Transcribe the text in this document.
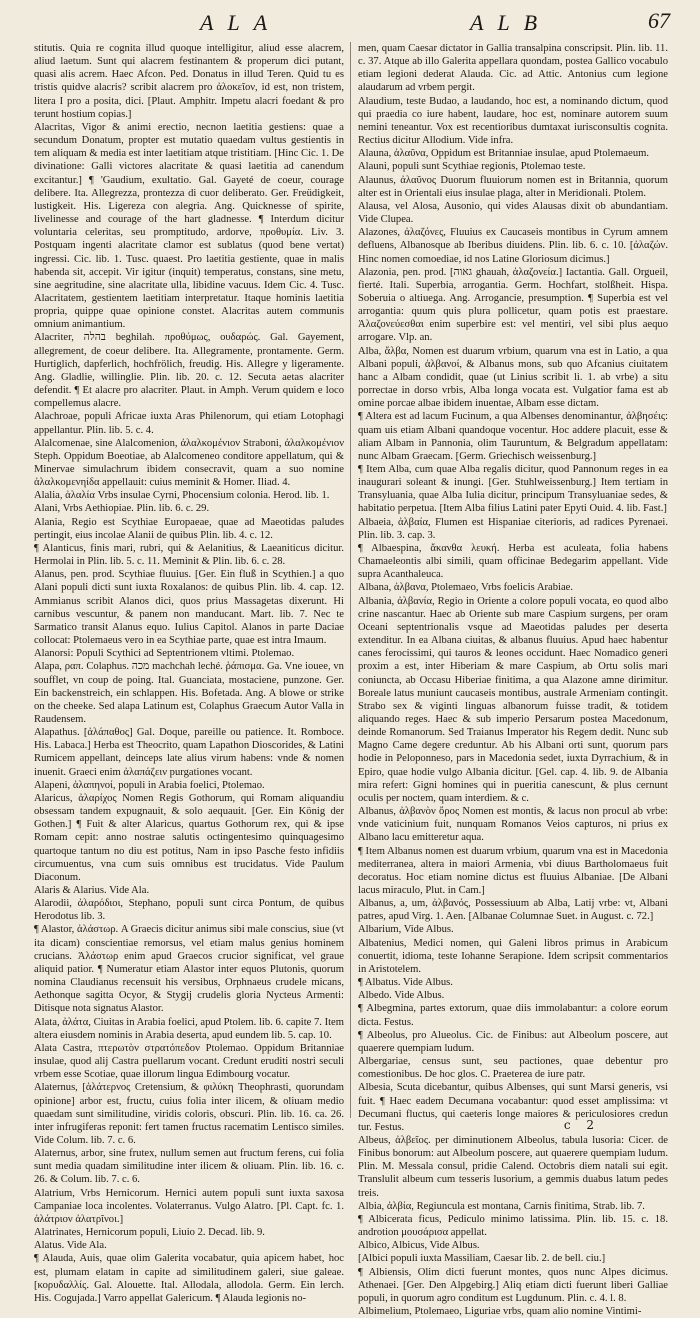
ALA	ALB	67

stitutis. Quia re cognita illud quoque intelligitur, aliud esse alacrem, aliud laetum. Sunt qui alacrem festinantem & properum dici putant, quasi alis acrem. Haec Afcon. Ped. Donatus in illud Teren. Quid tu es tristis quidve alacris? scribit alacrem pro ἀλοκεῖον, id est, non tristem, litera I pro a posita, dici. [Plaut. Amphitr. Impetu alacri foedant & pro terunt hostium copias.]

Alacritas, Vigor & animi erectio, necnon laetitia gestiens: quae a secundum Donatum, propter est mutatio quaedam vultus gestientis in tem aliquam & media est inter laetitiam atque tristitiam. [Hinc Cic. 1. De divinatione: Galli victores alacritate & quasi laetitia ad canendum excitantur.] ¶ 'Gaudium, exultatio. Gal. Gayeté de coeur, courage delibere. Ita. Allegrezza, prontezza di cuor deliberato. Ger. Freüdigkeit, lustigkeit. His. Ligereza con alegria. Ang. Quicknesse of spirite, livelinesse and courage of the hart gladnesse. ¶ Interdum dicitur voluntaria celeritas, seu promptitudo, ardorve, προθυμία. Liv. 3. Postquam ingenti alacritate clamor est sublatus (quod bene vertat) ingressi. Cic. lib. 1. Tusc. quaest. Pro laetitia gestiente, quae in malis habenda sit, accepit. Vir igitur (inquit) temperatus, constans, sine metu, sine aegritudine, sine alacritate ulla, libidine vacuus. Idem Cic. 4. Tusc. Alacritatem, gestientem laetitiam interpretatur. Itaque hominis laetitia propria, quippe quae opinione constet. Alacritas autem communis omnium animantium.

Alacriter, בהלה beghilah. προθύμως, ουδαρώς. Gal. Gayement, allegrement, de coeur delibere. Ita. Allegramente, prontamente. Germ. Hurtiglich, dapferlich, hochfrölich, freudig. His. Allegre y ligeramente. Ang. Gladlie, willinglie. Plin. lib. 20. c. 12. Secuta aetas alacriter defendit. ¶ Et alacre pro alacriter. Plaut. in Amph. Verum quidem e loco compellemus alacre.

Alachroae, populi Africae iuxta Aras Philenorum, qui etiam Lotophagi appellantur. Plin. lib. 5. c. 4.

Alalcomenae, sine Alalcomenion, ἀλαλκομένιον Straboni, ἀλαλκομένιον Steph. Oppidum Boeotiae, ab Alalcomeneo conditore appellatum, qui & Minervae simulachrum ibidem consecravit, quam a suo nomine ἀλαλκομενηίδα appellauit: cuius meminit & Homer. Iliad. 4.

Alalia, ἀλαλία Vrbs insulae Cyrni, Phocensium colonia. Herod. lib. 1.

Alani, Vrbs Aethiopiae. Plin. lib. 6. c. 29.

Alania, Regio est Scythiae Europaeae, quae ad Maeotidas paludes pertingit, eius incolae Alanii de quibus Plin. lib. 4. c. 12.

¶ Alanticus, finis mari, rubri, qui & Aelanitius, & Laeaniticus dicitur. Hermolai in Plin. lib. 5. c. 11. Meminit & Plin. lib. 6. c. 28.

Alanus, pen. prod. Scythiae fluuius. [Ger. Ein fluß in Scythien.] a quo Alani populi dicti sunt iuxta Roxalanos: de quibus Plin. lib. 4. cap. 12. Ammianus scribit Alanos dici, quos prius Massagetas dixerunt. Hi carnibus vescuntur, & panem non manducant. Mart. lib. 7. Nec te Sarmatico transit Alanus equo. Iulius Capitol. Alanos in parte Daciae collocat: Ptolemaeus vero in ea Scythiae parte, quae est intra Imaum.

Alanorsi: Populi Scythici ad Septentrionem vltimi. Ptolemao.

Alapa, ραπ. Colaphus. מכה machchah leché. ῥάπισμα. Ga. Vne iouee, vn soufflet, vn coup de poing. Ital. Guanciata, mostaciene, punzone. Ger. Ein backenstreich, ein schlappen. His. Bofetada. Ang. A blowe or strike on the cheeke. Sed alapa Latinum est, Colaphus Graecum Autor Valla in Raudensem.

Alapathus. [ἀλάπαθος] Gal. Doque, pareille ou patience. It. Romboce. His. Labaca.] Herba est Theocrito, quam Lapathon Dioscorides, & Latini Rumicem appellant, deinceps late alius virum habens: vnde & nomen inuenit. Graeci enim ἀλαπάζειν purgationes vocant.

Alapeni, ἀλαπηνοί, populi in Arabia foelici, Ptolemao.

Alaricus, ἀλαρίχος Nomen Regis Gothorum, qui Romam aliquandiu obsessam tandem expugnauit, & solo aequauit. [Ger. Ein König der Gothen.] ¶ Fuit & alter Alaricus, quartus Gothorum rex, qui & ipse Romam cepit: anno nostrae salutis octingentesimo quinquagesimo quartoque tantum no diu est potitus, Nam in ipso Pasche festo infidiis circumuentus, vna cum suis omnibus est trucidatus. Vide Paulum Diaconum.

Alaris & Alarius. Vide Ala.

Alarodii, ἀλαρόδιοι, Stephano, populi sunt circa Pontum, de quibus Herodotus lib. 3.

¶ Alastor, ἀλάστωρ. A Graecis dicitur animus sibi male conscius, siue (vt ita dicam) conscientiae remorsus, vel etiam malus genius hominem crucians. Ἀλάστωρ enim apud Graecos crucior significat, vel graue aliquid patior. ¶ Numeratur etiam Alastor inter equos Plutonis, quorum nomina Claudianus recensuit his versibus, Orphnaeus crudele micans, Aethonque sagitta Ocyor, & Stygij crudelis gloria Nycteus Armenti: Ditisque nota signatus Alastor.

Alata, ἀλάτα, Ciuitas in Arabia foelici, apud Ptolem. lib. 6. capite 7. Item altera eiusdem nominis in Arabia deserta, apud eundem lib. 5. cap. 10.

Alata Castra, πτερωτὸν στρατόπεδον Ptolemao. Oppidum Britanniae insulae, quod alij Castra puellarum vocant. Credunt eruditi nostri seculi vrbem esse Scotiae, quae illorum lingua Edimbourg vocatur.

Alaternus, [ἀλάτερνος Cretensium, & φιλύκη Theophrasti, quorundam opinione] arbor est, fructu, cuius folia inter ilicem, & oliuam medio quaedam sunt similitudine, viridis coloris, obscuri. Plin. lib. 16. ca. 26. inter infrugiferas reponit: fert tamen fructus racematim Lentisco similes. Vide Colum. lib. 7. c. 6.

Alaternus, arbor, sine frutex, nullum semen aut fructum ferens, cui folia sunt media quadam similitudine inter ilicem & oliuam. Plin. lib. 16. c. 26. & Colum. lib. 7. c. 6.

Alatrium, Vrbs Hernicorum. Hernici autem populi sunt iuxta saxosa Campaniae loca incolentes. Volaterranus. Vulgo Alatro. [Pl. Capt. fc. 1. ἀλάτριον ἀλατρῖνοι.]

Alatrinates, Hernicorum populi, Liuio 2. Decad. lib. 9.

Alatus. Vide Ala.

¶ Alauda, Auis, quae olim Galerita vocabatur, quia apicem habet, hoc est, plumam elatam in capite ad similitudinem galeri, siue galeae. [κορυδαλλίς. Gal. Alouette. Ital. Allodala, allodola. Germ. Ein lerch. His. Cogujada.] Varro appellat Galericum. ¶ Alauda legionis no-

men, quam Caesar dictator in Gallia transalpina conscripsit. Plin. lib. 11. c. 37. Atque ab illo Galerita appellara quondam, postea Gallico vocabulo etiam legioni dederat Alauda. Cic. ad Attic. Antonius cum legione alaudarum ad vrbem pergit.

Alaudium, teste Budao, a laudando, hoc est, a nominando dictum, quod qui praedia co iure habent, laudare, hoc est, nominare autorem suum nemini teneantur. Vox est recentioribus dumtaxat iurisconsultis cognita. Rectius dicitur Allodium. Vide infra.

Alauna, ἀλαῦνα, Oppidum est Britanniae insulae, apud Ptolemaeum.

Alauni, populi sunt Scythiae regionis, Ptolemao teste.

Alaunus, ἀλαῦνος Duorum fluuiorum nomen est in Britannia, quorum alter est in Orientali eius insulae plaga, alter in Meridionali. Ptolem.

Alausa, vel Alosa, Ausonio, qui vides Alausas dixit ob abundantiam. Vide Clupea.

Alazones, ἀλαζόνες, Fluuius ex Caucaseis montibus in Cyrum amnem defluens, Albanosque ab Iberibus diuidens. Plin. lib. 6. c. 10. [ἀλαζών. Hinc nomen comoediae, id nos Latine Gloriosum dicimus.]

Alazonia, pen. prod. [גאוה ghauah, ἀλαζονεία.] Iactantia. Gall. Orgueil, fierté. Itali. Superbia, arrogantia. Germ. Hochfart, stolßheit. Hispa. Soberuia o altiuega. Ang. Arrogancie, presumption. ¶ Superbia est vel arrogantia: quum quis plura pollicetur, quam potis est praestare. Ἀλαζονεύεσθαι enim superbire est: vel mentiri, vel sibi plus aequo arrogare. Vlp. an.

Alba, ἄλβα, Nomen est duarum vrbium, quarum vna est in Latio, a qua Albani populi, ἀλβανοί, & Albanus mons, sub quo Afcanius ciuitatem hanc a Albam condidit, quae (ut Linius scribit li. 1. ab vrbe) a situ porrectae in dorso vrbis, Alba longa vocata est. Vulgatior fama est ab omine porcae albae ibidem inuentae, Albam esse dictam.

¶ Altera est ad lacum Fucinum, a qua Albenses denominantur, ἀλβησέις: quam uis etiam Albani quandoque vocentur. Hoc addere placuit, esse & aliam Albam in Pannonia, olim Tauruntum, & Belgradum appellatam: nunc Albam Graecam. [Germ. Griechisch weissenburg.]

¶ Item Alba, cum quae Alba regalis dicitur, quod Pannonum reges in ea inaugurari soleant & inungi. [Ger. Stuhlweissenburg.] Item tertiam in Transyluania, quae Alba Iulia dicitur, principum Transyluaniae sedes, & habitatio perpetua. [Item Alba filius Latini pater Epyti Ouid. 4. lib. Fast.]

Albaeia, ἀλβαία, Flumen est Hispaniae citerioris, ad radices Pyrenaei. Plin. lib. 3. cap. 3.

¶ Albaespina, ἄκανθα λευκή. Herba est aculeata, folia habens Chamaeleontis albi simili, quam officinae Bedegarim appellant. Vide supra Acanthaleuca.

Albana, ἀλβανα, Ptolemaeo, Vrbs foelicis Arabiae.

Albania, ἀλβανία, Regio in Oriente a colore populi vocata, eo quod albo crine nascantur. Haec ab Oriente sub mare Caspium surgens, per oram Oceani septentrionalis vsque ad Maeotidas paludes per deserta extenditur. In ea Albana ciuitas, & albanus fluuius. Apud haec habentur canes ferocissimi, qui tauros & leones occidunt. Haec Nomadico generi proxim a est, inter Hiberiam & mare Caspium, ab Ortu solis mari coniuncta, ab Occasu Hiberiae finitima, a qua Alazone amne dirimitur. Boreale latus muniunt caucaseis montibus, australe Armeniam contingit. Strabo sex & viginti linguas albanorum fuisse tradit, & totidem aliquando reges. Haec & sub imperio Persarum postea Macedonum, deinde Romanorum. Sed Traianus Imperator his Regem dedit. Nunc sub Magno Came degere creduntur. Ab his Albani orti sunt, quorum pars hodie in Peloponneso, pars in Macedonia sedet, iuxta Dyrrachium, & in Epiro, quae hodie vulgo Albania dicitur. [Gel. cap. 4. lib. 9. de Albania mira refert: Gigni homines qui in pueritia canescunt, & plus cernunt oculis per noctem, quam interdiem. & c.

Albanus, ἀλβανὸν ὄρος Nomen est montis, & lacus non procul ab vrbe: vnde vaticinium fuit, nunquam Romanos Veios capturos, ni prius ex Albano lacu emitteretur aqua.

¶ Item Albanus nomen est duarum vrbium, quarum vna est in Macedonia mediterranea, altera in maiori Armenia, vbi diuus Bartholomaeus fuit decoratus. Hoc etiam nomine dictus est fluuius Albaniae. [De Albani lacus miraculo, Plut. in Cam.]

Albanus, a, um, ἀλβανός, Possessiuum ab Alba, Latij vrbe: vt, Albani patres, apud Virg. 1. Aen. [Albanae Columnae Suet. in August. c. 72.]

Albarium, Vide Albus.

Albatenius, Medici nomen, qui Galeni libros primus in Arabicum conuertit, idioma, teste Iohanne Serapione. Idem scripsit commentarios in Aristotelem.

¶ Albatus. Vide Albus.

Albedo. Vide Albus.

¶ Albegmina, partes extorum, quae diis immolabantur: a colore eorum dicta. Festus.

¶ Albeolus, pro Alueolus. Cic. de Finibus: aut Albeolum poscere, aut quaerere quempiam ludum.

Albergariae, census sunt, seu pactiones, quae debentur pro comestionibus. De hoc glos. C. Praeterea de iure patr.

Albesia, Scuta dicebantur, quibus Albenses, qui sunt Marsi generis, vsi fuit. ¶ Haec eadem Decumana vocabantur: quod esset amplissima: vt Decumani fluctus, qui caeteris longe maiores & periculosiores credun tur. Festus.

Albeus, ἀλβεῖος. per diminutionem Albeolus, tabula lusoria: Cicer. de Finibus bonorum: aut Albeolum poscere, aut quaerere quempiam ludum. Plin. M. Messala consul, pridie Calend. Octobris diem natali sui egit. Translulit albeum cum tesseris lusorium, a gemmis duabus latum pedes treis.

Albia, ἀλβία, Regiuncula est montana, Carnis finitima, Strab. lib. 7.

¶ Albicerata ficus, Pediculo minimo latissima. Plin. lib. 15. c. 18. androtion μουσάρισα appellat.

Albico, Albicus, Vide Albus.

[Albici populi iuxta Massiliam, Caesar lib. 2. de bell. ciu.]

¶ Albiensis, Olim dicti fuerunt montes, quos nunc Alpes dicimus. Athenaei. [Ger. Den Alpgebirg.] Aliq etiam dicti fuerunt liberi Galliae populi, in quorum agro conditum est Lugdunum. Plin. c. 4. l. 8.

Albimelium, Ptolemaeo, Liguriae vrbs, quam alio nomine Vintimi-

c 2
